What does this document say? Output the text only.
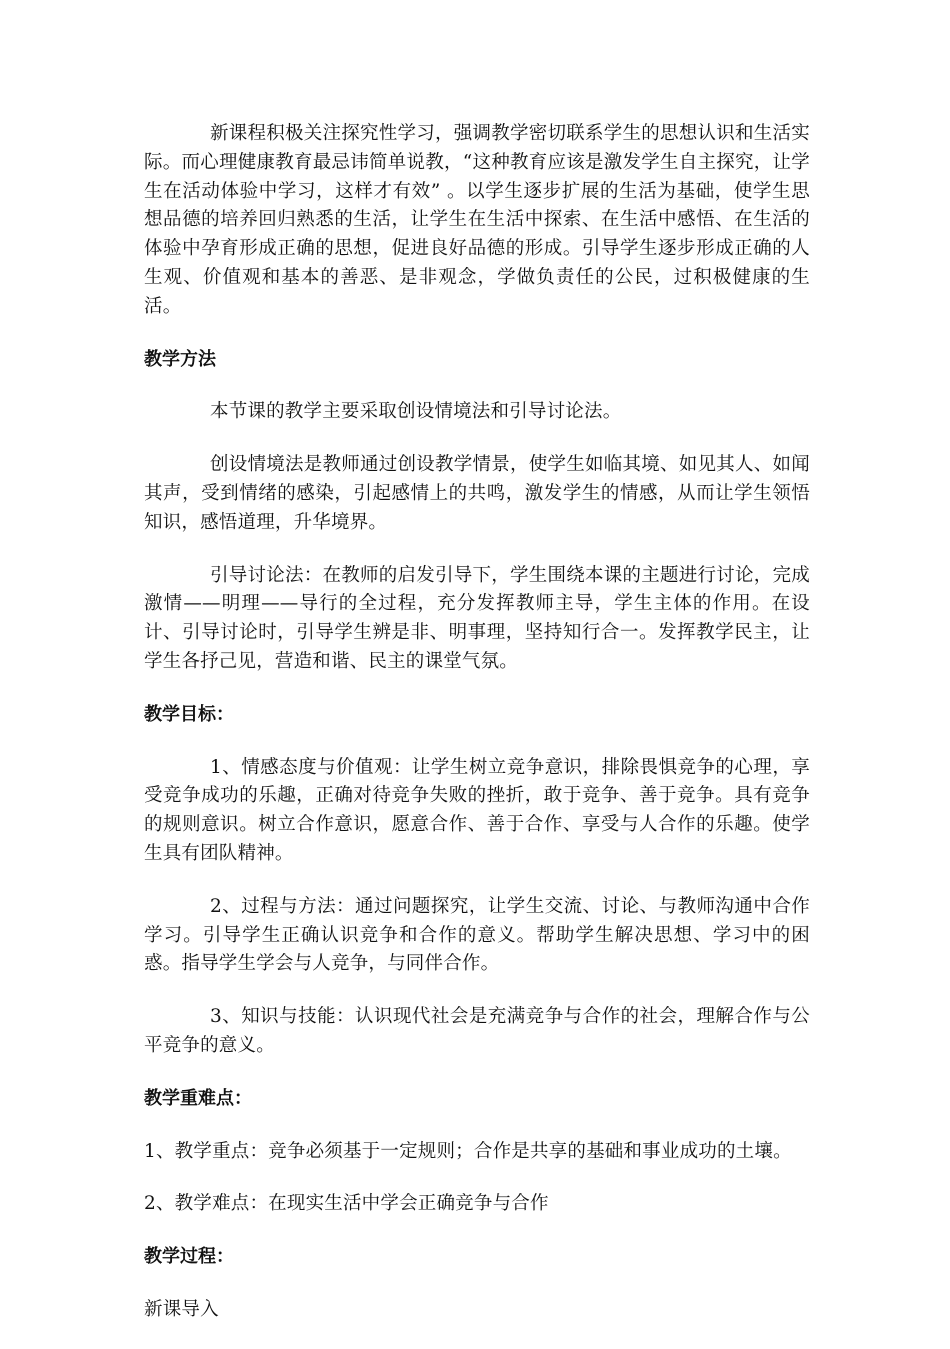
新课程积极关注探究性学习，强调教学密切联系学生的思想认识和生活实际。而心理健康教育最忌讳简单说教，“这种教育应该是激发学生自主探究，让学生在活动体验中学习，这样才有效” 。以学生逐步扩展的生活为基础，使学生思想品德的培养回归熟悉的生活，让学生在生活中探索、在生活中感悟、在生活的体验中孕育形成正确的思想，促进良好品德的形成。引导学生逐步形成正确的人生观、价值观和基本的善恶、是非观念，学做负责任的公民，过积极健康的生活。

教学方法

本节课的教学主要采取创设情境法和引导讨论法。

创设情境法是教师通过创设教学情景，使学生如临其境、如见其人、如闻其声，受到情绪的感染，引起感情上的共鸣，激发学生的情感，从而让学生领悟知识，感悟道理，升华境界。

引导讨论法：在教师的启发引导下，学生围绕本课的主题进行讨论，完成激情——明理——导行的全过程，充分发挥教师主导，学生主体的作用。在设计、引导讨论时，引导学生辨是非、明事理，坚持知行合一。发挥教学民主，让学生各抒己见，营造和谐、民主的课堂气氛。

教学目标：

1、情感态度与价值观：让学生树立竞争意识，排除畏惧竞争的心理，享受竞争成功的乐趣，正确对待竞争失败的挫折，敢于竞争、善于竞争。具有竞争的规则意识。树立合作意识，愿意合作、善于合作、享受与人合作的乐趣。使学生具有团队精神。

2、过程与方法：通过问题探究，让学生交流、讨论、与教师沟通中合作学习。引导学生正确认识竞争和合作的意义。帮助学生解决思想、学习中的困惑。指导学生学会与人竞争，与同伴合作。

3、知识与技能：认识现代社会是充满竞争与合作的社会，理解合作与公平竞争的意义。

教学重难点：

1、教学重点：竞争必须基于一定规则；合作是共享的基础和事业成功的土壤。

2、教学难点：在现实生活中学会正确竞争与合作

教学过程：

新课导入
